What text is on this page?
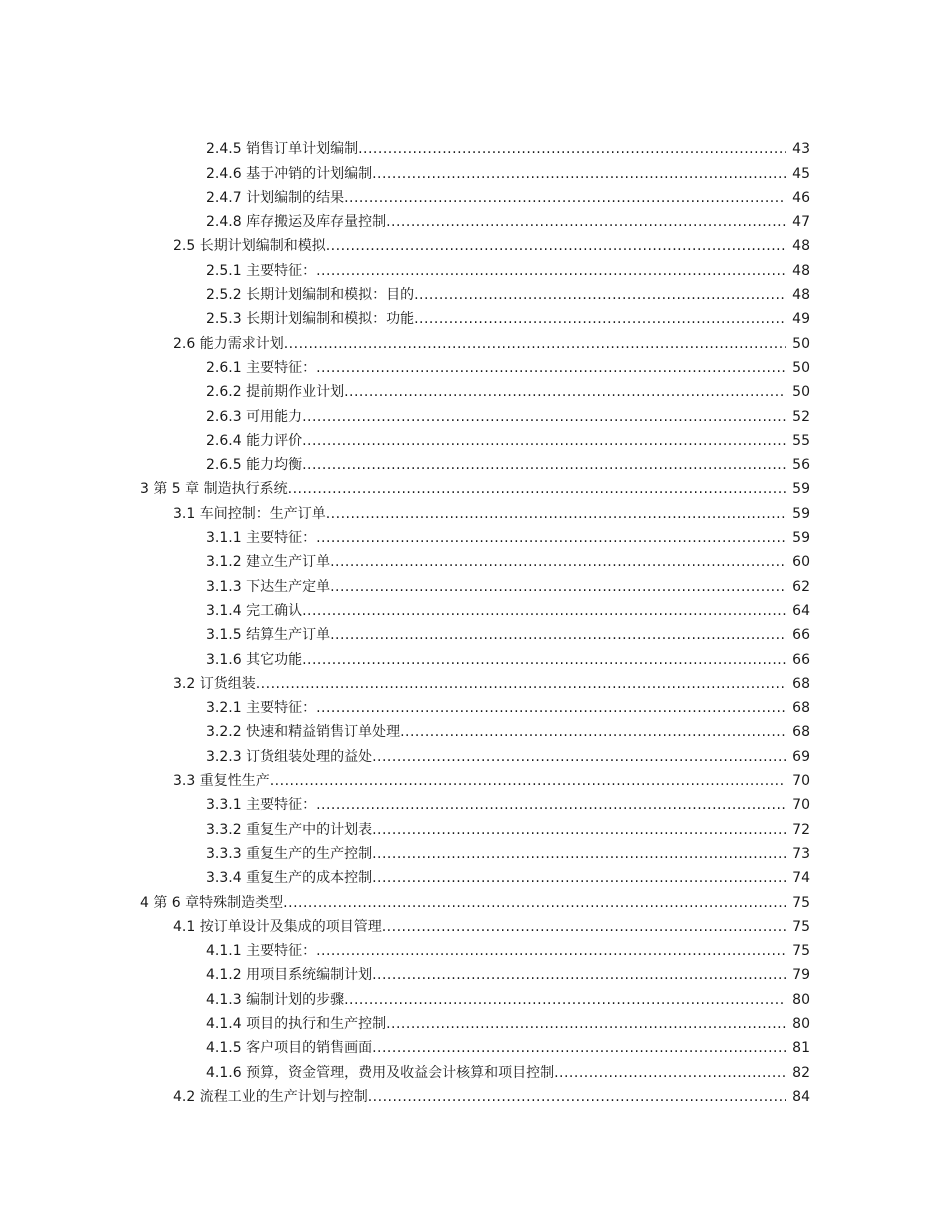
2.4.5 销售订单计划编制 .....	43
2.4.6 基于冲销的计划编制 .....	45
2.4.7 计划编制的结果 .....	46
2.4.8 库存搬运及库存量控制 .....	47
2.5 长期计划编制和模拟 .....	48
2.5.1 主要特征： .....	48
2.5.2 长期计划编制和模拟：目的 .....	48
2.5.3 长期计划编制和模拟：功能 .....	49
2.6 能力需求计划 .....	50
2.6.1 主要特征： .....	50
2.6.2 提前期作业计划 .....	50
2.6.3 可用能力 .....	52
2.6.4 能力评价 .....	55
2.6.5 能力均衡 .....	56
3 第 5 章 制造执行系统 .....	59
3.1 车间控制：生产订单 .....	59
3.1.1 主要特征： .....	59
3.1.2 建立生产订单 .....	60
3.1.3 下达生产定单 .....	62
3.1.4 完工确认 .....	64
3.1.5 结算生产订单 .....	66
3.1.6 其它功能 .....	66
3.2 订货组装 .....	68
3.2.1 主要特征： .....	68
3.2.2 快速和精益销售订单处理 .....	68
3.2.3 订货组装处理的益处 .....	69
3.3 重复性生产 .....	70
3.3.1 主要特征： .....	70
3.3.2 重复生产中的计划表 .....	72
3.3.3 重复生产的生产控制 .....	73
3.3.4 重复生产的成本控制 .....	74
4 第 6 章特殊制造类型 .....	75
4.1 按订单设计及集成的项目管理 .....	75
4.1.1 主要特征： .....	75
4.1.2 用项目系统编制计划 .....	79
4.1.3 编制计划的步骤 .....	80
4.1.4 项目的执行和生产控制 .....	80
4.1.5 客户项目的销售画面 .....	81
4.1.6 预算，资金管理，费用及收益会计核算和项目控制 .....	82
4.2 流程工业的生产计划与控制 .....	84
